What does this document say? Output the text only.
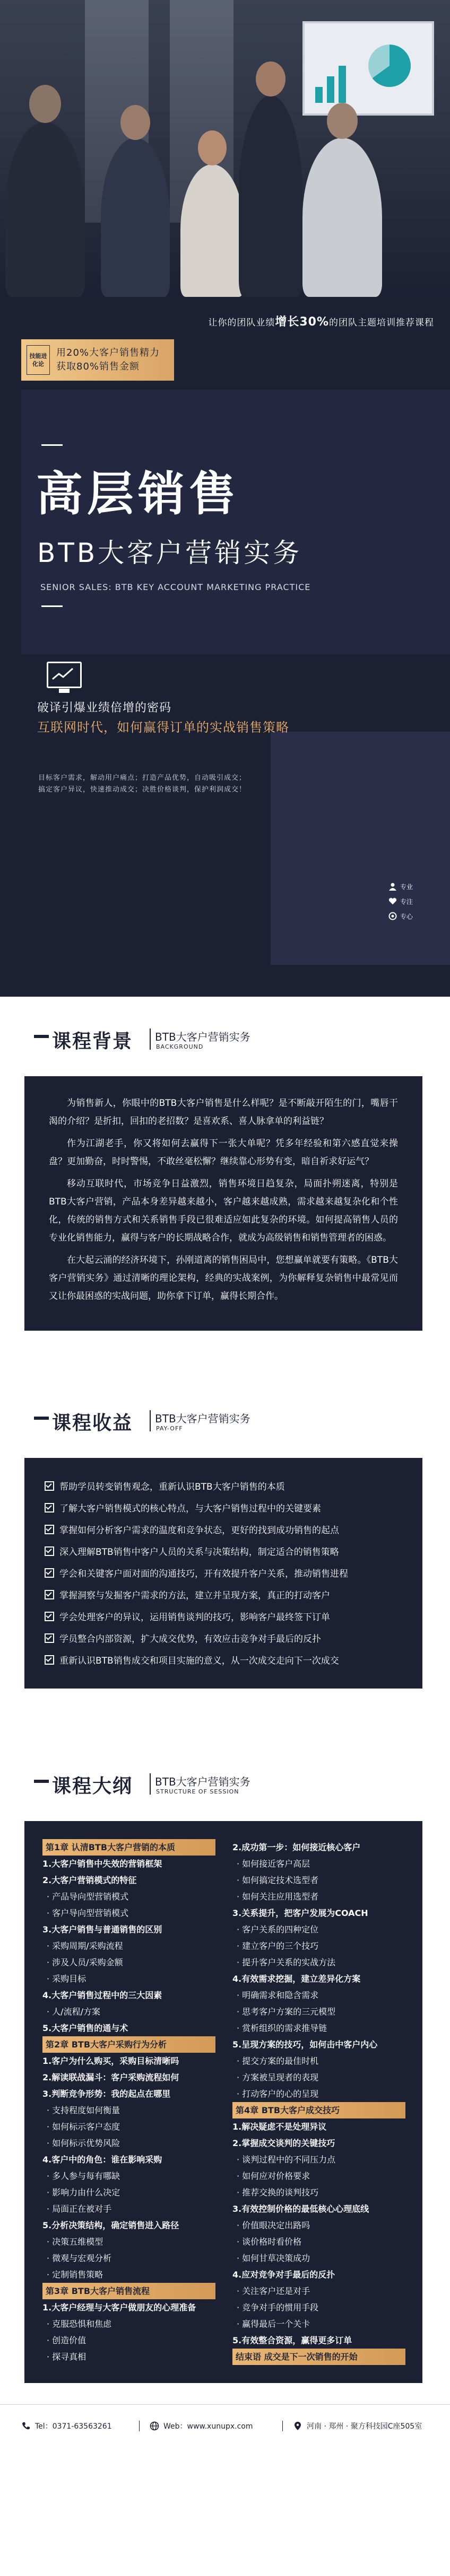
让你的团队业绩增长30%的团队主题培训推荐课程
技能进化论
用20%大客户销售精力
获取80%销售金额
高层销售
BTB大客户营销实务
SENIOR SALES: BTB KEY ACCOUNT MARKETING PRACTICE
破译引爆业绩倍增的密码
互联网时代，如何赢得订单的实战销售策略
目标客户需求，解动用户痛点；打造产品优势，自动吸引成交；
搞定客户异议，快速推动成交；决胜价格谈判，保护利润成交！
专业
专注
专心
课程背景 BTB大客户营销实务
BACKGROUND

为销售新人，你眼中的BTB大客户销售是什么样呢？是不断敲开陌生的门，嘴唇干渴的介绍？是折扣，回扣的老招数？是喜欢系、喜人脉拿单的利益链？

作为江湖老手，你又将如何去赢得下一张大单呢？凭多年经验和第六感直觉来操盘？更加勤奋，时时警惕，不敢丝毫松懈？继续靠心形势有变，暗自祈求好运气？

移动互联时代，市场竞争日益激烈，销售环境日趋复杂，局面扑朔迷离，特别是BTB大客户营销，产品本身差异越来越小，客户越来越成熟，需求越来越复杂化和个性化，传统的销售方式和关系销售手段已很难适应如此复杂的环境。如何提高销售人员的专业化销售能力，赢得与客户的长期战略合作，就成为高级销售和销售管理者的困惑。

在大起云涌的经济环境下，孙刚道离的销售困局中，您想赢单就要有策略。《BTB大客户营销实务》通过清晰的理论架构，经典的实战案例，为你解释复杂销售中最常见而又让你最困惑的实战问题，助你拿下订单，赢得长期合作。

课程收益 BTB大客户营销实务
PAY-OFF
帮助学员转变销售观念，重新认识BTB大客户销售的本质
了解大客户销售模式的核心特点，与大客户销售过程中的关键要素
掌握如何分析客户需求的温度和竞争状态，更好的找到成功销售的起点
深入理解BTB销售中客户人员的关系与决策结构，制定适合的销售策略
学会和关键客户面对面的沟通技巧，开有效提升客户关系，推动销售进程
掌握洞察与发掘客户需求的方法，建立并呈现方案，真正的打动客户
学会处理客户的异议，运用销售谈判的技巧，影响客户最终签下订单
学员整合内部资源，扩大成交优势，有效应击竞争对手最后的反扑
重新认识BTB销售成交和项目实施的意义，从一次成交走向下一次成交
课程大纲 BTB大客户营销实务
STRUCTURE OF SESSION
第1章 认清BTB大客户营销的本质
1.大客户销售中失效的营销框架
2.大客户营销模式的特征
· 产品导向型营销模式
· 客户导向型营销模式
3.大客户销售与普通销售的区别
· 采购周期/采购流程
· 涉及人员/采购金额
· 采购目标
4.大客户销售过程中的三大因素
· 人/流程/方案
5.大客户销售的通与术
第2章 BTB大客户采购行为分析
1.客户为什么购买，采购目标清晰吗
2.解读联战漏斗：客户采购流程如何
3.判断竞争形势：我的起点在哪里
· 支持程度如何衡量
· 如何标示客户态度
· 如何标示优势风险
4.客户中的角色：谁在影响采购
· 多人参与每有哪缺
· 影响力由什么决定
· 局面正在被对手
5.分析决策结构，确定销售进入路径
· 决策五维模型
· 微观与宏观分析
· 定制销售策略
第3章 BTB大客户销售流程
1.大客户经理与大客户做朋友的心理准备
· 克服恐惧和焦虑
· 创造价值
· 探寻真相
2.成功第一步：如何接近核心客户
· 如何接近客户高层
· 如何搞定技术选型者
· 如何关注应用选型者
3.关系提升，把客户发展为COACH
· 客户关系的四种定位
· 建立客户的三个技巧
· 提升客户关系的实战方法
4.有效需求挖掘，建立差异化方案
· 明确需求和隐含需求
· 思考客户方案的三元模型
· 赏析组织的需求推导链
5.呈现方案的技巧，如何击中客户内心
· 提交方案的最佳时机
· 方案被呈现者的表现
· 打动客户的心的呈现
第4章 BTB大客户成交技巧
1.解决疑虑不是处理异议
2.掌握成交谈判的关键技巧
· 谈判过程中的不同压力点
· 如何应对价格要求
· 推荐交换的谈判技巧
3.有效控制价格的最低核心心理底线
· 价值眼决定出路吗
· 谈价格时看价格
· 如何甘草决策成功
4.应对竞争对手最后的反扑
· 关注客户还是对手
· 竞争对手的惯用手段
· 赢得最后一个关卡
5.有效整合资源，赢得更多订单
结束语 成交是下一次销售的开始
Tel：0371-63563261	Web：www.xunupx.com	河南 · 郑州 · 聚方科技园C座505室
